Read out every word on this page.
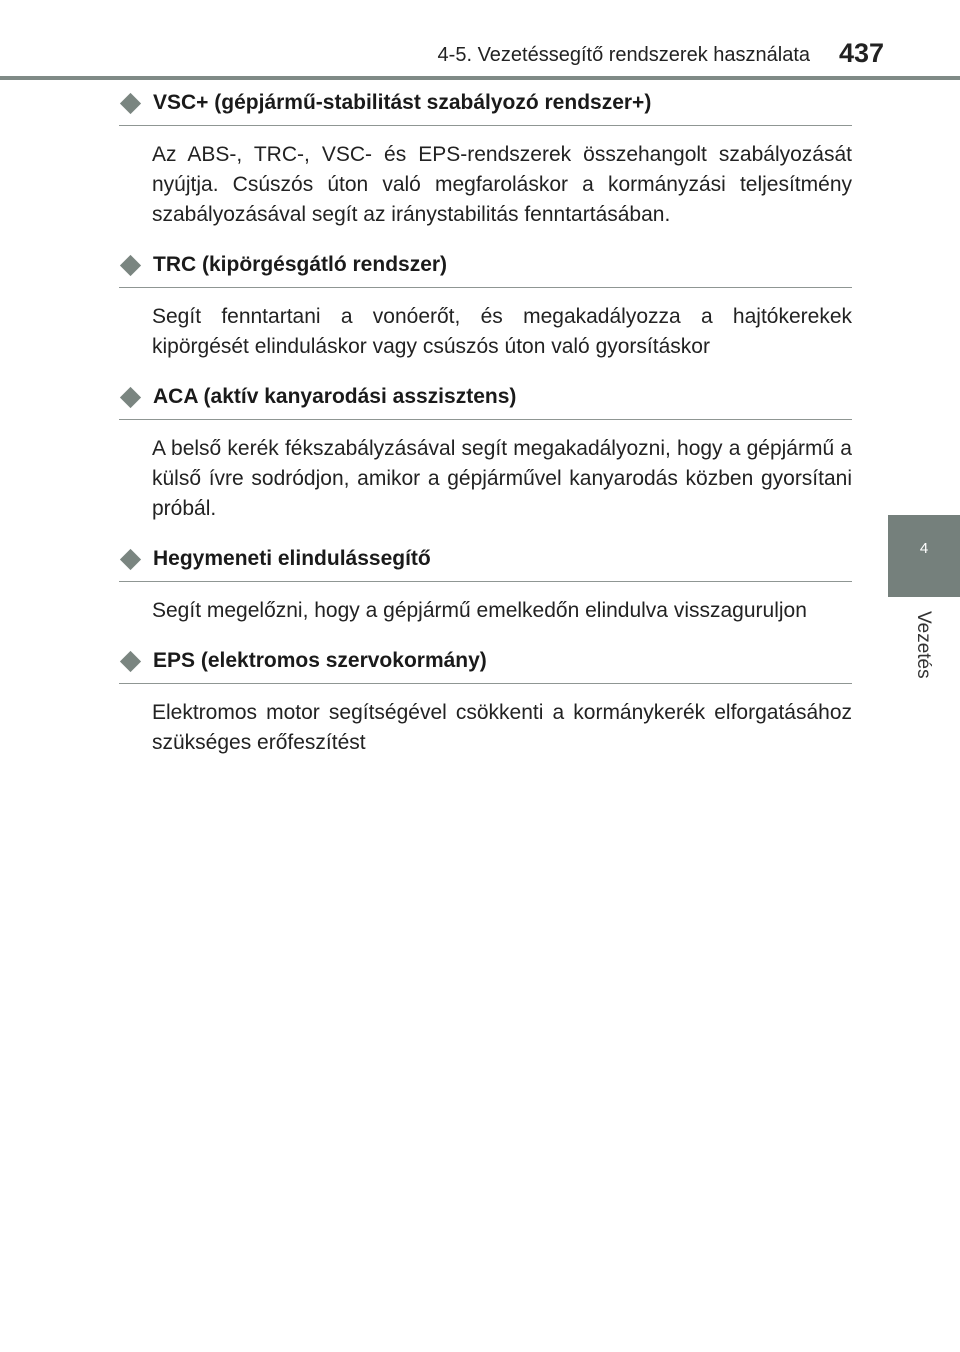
4-5. Vezetéssegítő rendszerek használata 437
4
Vezetés
VSC+ (gépjármű-stabilitást szabályozó rendszer+)
Az ABS-, TRC-, VSC- és EPS-rendszerek összehangolt szabályozását nyújtja. Csúszós úton való megfaroláskor a kormányzási teljesítmény szabályozásával segít az iránystabilitás fenntartásában.
TRC (kipörgésgátló rendszer)
Segít fenntartani a vonóerőt, és megakadályozza a hajtókerekek kipörgését elinduláskor vagy csúszós úton való gyorsításkor
ACA (aktív kanyarodási asszisztens)
A belső kerék fékszabályzásával segít megakadályozni, hogy a gépjármű a külső ívre sodródjon, amikor a gépjárművel kanyarodás közben gyorsítani próbál.
Hegymeneti elindulássegítő
Segít megelőzni, hogy a gépjármű emelkedőn elindulva visszaguruljon
EPS (elektromos szervokormány)
Elektromos motor segítségével csökkenti a kormánykerék elforgatásához szükséges erőfeszítést
